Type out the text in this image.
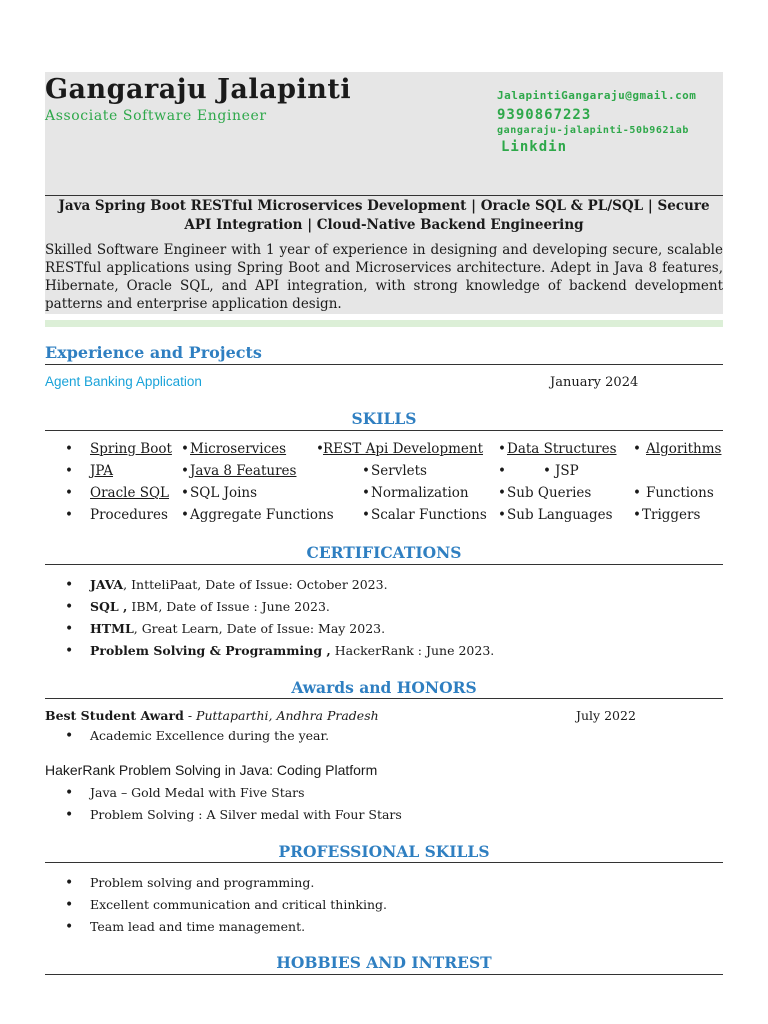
Gangaraju Jalapinti
Associate Software Engineer
JalapintiGangaraju@gmail.com
9390867223
gangaraju-jalapinti-50b9621ab
Linkdin
Java Spring Boot RESTful Microservices Development | Oracle SQL & PL/SQL | Secure API Integration | Cloud-Native Backend Engineering
Skilled Software Engineer with 1 year of experience in designing and developing secure, scalable RESTful applications using Spring Boot and Microservices architecture. Adept in Java 8 features, Hibernate, Oracle SQL, and API integration, with strong knowledge of backend development patterns and enterprise application design.
Experience and Projects
Agent Banking Application	January 2024
SKILLS
• Spring Boot • Microservices • REST Api Development • Data Structures • Algorithms
• JPA	• Java 8 Features	• Servlets	•	• JSP
• Oracle SQL • SQL Joins	• Normalization • Sub Queries	• Functions
• Procedures • Aggregate Functions • Scalar Functions • Sub Languages • Triggers
CERTIFICATIONS
• JAVA, IntteliPaat, Date of Issue: October 2023.
• SQL , IBM, Date of Issue : June 2023.
• HTML, Great Learn, Date of Issue: May 2023.
• Problem Solving & Programming , HackerRank : June 2023.
Awards and HONORS
Best Student Award - Puttaparthi, Andhra Pradesh	July 2022
• Academic Excellence during the year.
HakerRank Problem Solving in Java: Coding Platform
• Java – Gold Medal with Five Stars
• Problem Solving : A Silver medal with Four Stars
PROFESSIONAL SKILLS
• Problem solving and programming.
• Excellent communication and critical thinking.
• Team lead and time management.
HOBBIES AND INTREST
